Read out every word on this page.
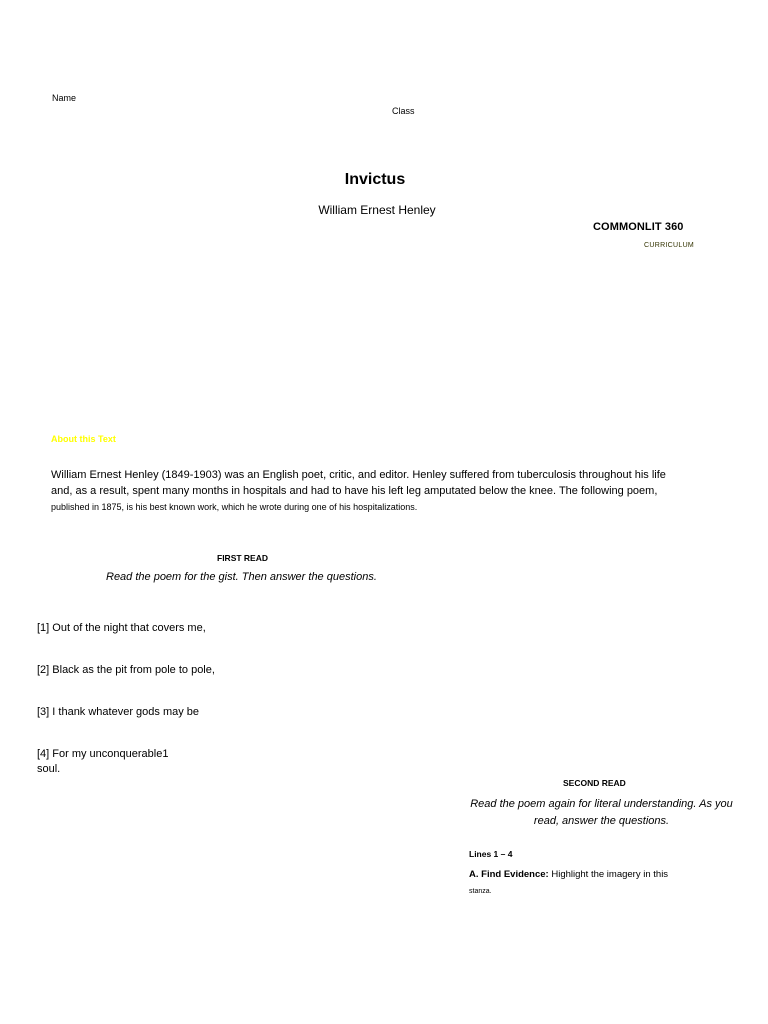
Name
Class
Invictus
William Ernest Henley
COMMONLIT 360
CURRICULUM
About this Text
William Ernest Henley (1849-1903) was an English poet, critic, and editor. Henley suffered from tuberculosis throughout his life
and, as a result, spent many months in hospitals and had to have his left leg amputated below the knee. The following poem,
published in 1875, is his best known work, which he wrote during one of his hospitalizations.
FIRST READ
Read the poem for the gist. Then answer the questions.
[1] Out of the night that covers me,
[2] Black as the pit from pole to pole,
[3] I thank whatever gods may be
[4] For my unconquerable1 soul.
SECOND READ
Read the poem again for literal understanding. As you read, answer the questions.
Lines 1 – 4
A. Find Evidence: Highlight the imagery in this
stanza.
